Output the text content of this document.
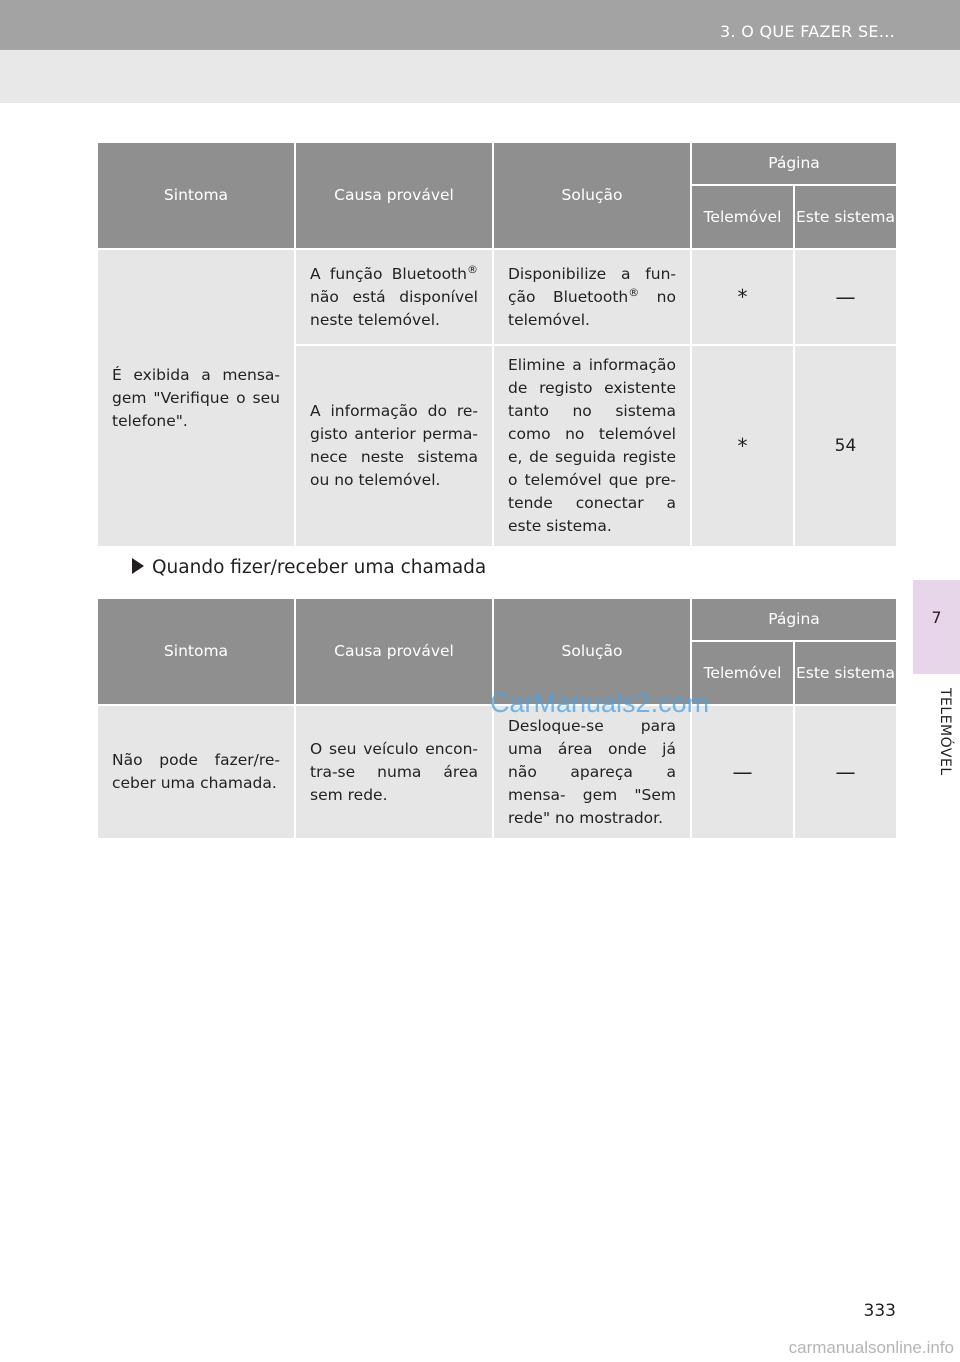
3. O QUE FAZER SE...
7
TELEMÓVEL
Sintoma	Causa provável	Solução	Página	
			Telemóvel	Este sistema
É exibida a mensa- gem "Verifique o seu telefone".	A função Bluetooth® não está disponível neste telemóvel.	Disponibilize a fun- ção Bluetooth® no telemóvel.	*	—
	A informação do re- gisto anterior perma- nece neste sistema ou no telemóvel.	Elimine a informação de registo existente tanto no sistema como no telemóvel e, de seguida registe o telemóvel que pre- tende conectar a este sistema.	*	54
Quando fizer/receber uma chamada
Sintoma	Causa provável	Solução	Página	
			Telemóvel	Este sistema
Não pode fazer/re- ceber uma chamada.	O seu veículo encon- tra-se numa área sem rede.	Desloque-se para uma área onde já não apareça a mensa- gem "Sem rede" no mostrador.	—	—
CarManuals2.com
333
carmanualsonline.info
